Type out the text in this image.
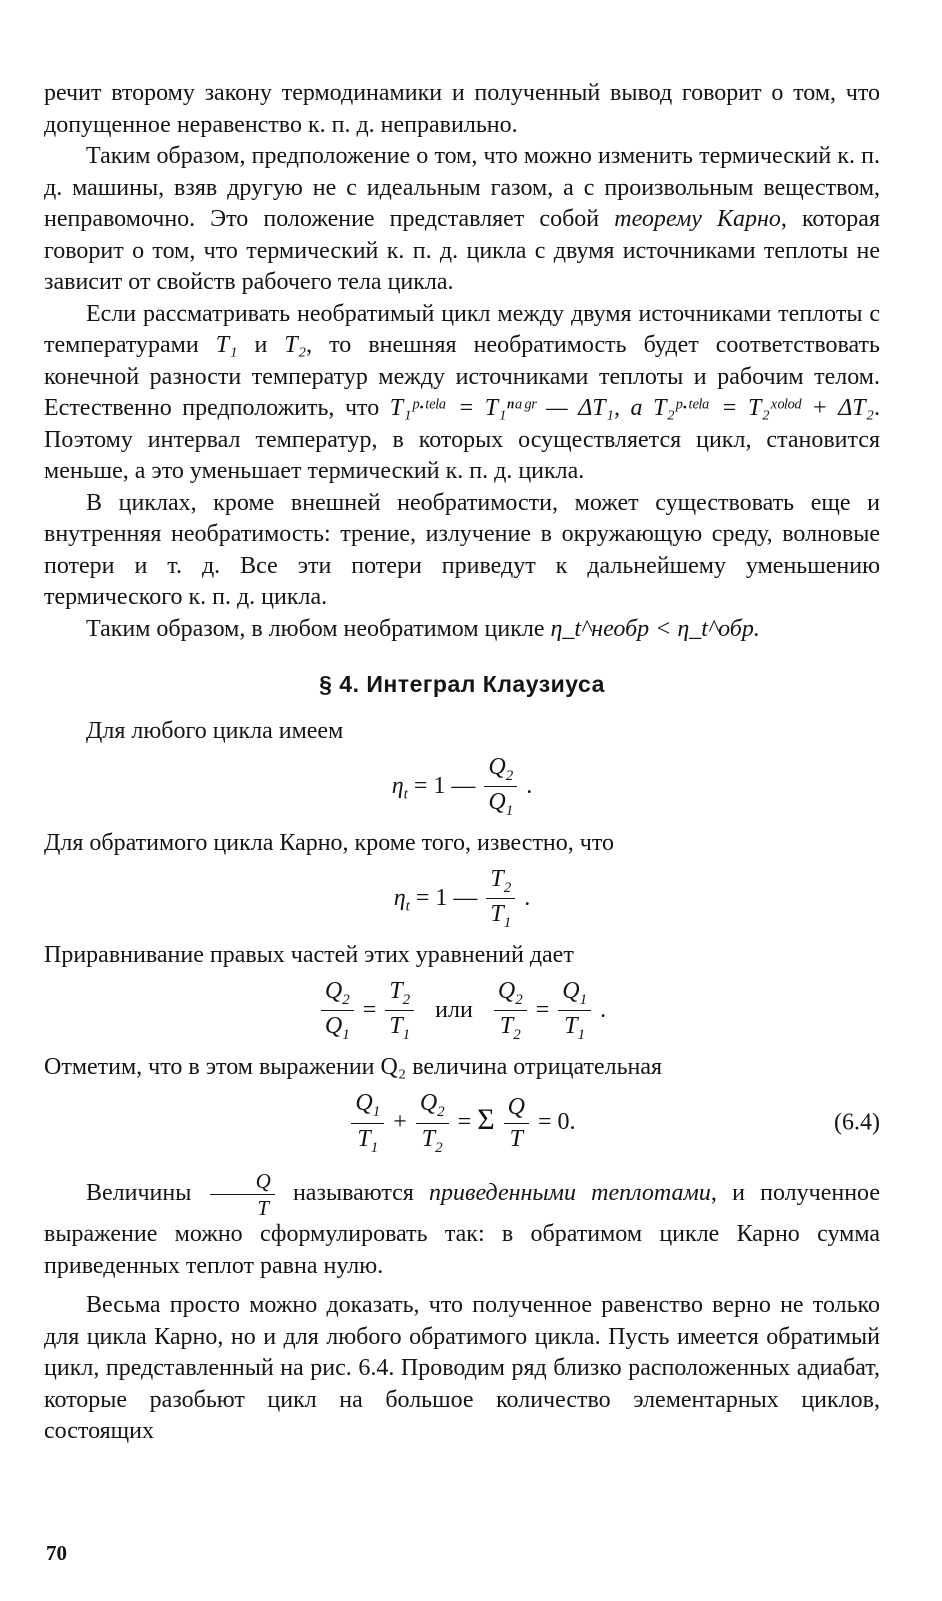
речит второму закону термодинамики и полученный вывод говорит о том, что допущенное неравенство к. п. д. неправильно.

Таким образом, предположение о том, что можно изменить термический к. п. д. машины, взяв другую не с идеальным газом, а с произвольным веществом, неправомочно. Это положение представляет собой теорему Карно, которая говорит о том, что термический к. п. д. цикла с двумя источниками теплоты не зависит от свойств рабочего тела цикла.

Если рассматривать необратимый цикл между двумя источниками теплоты с температурами T₁ и T₂, то внешняя необратимость будет соответствовать конечной разности температур между источниками теплоты и рабочим телом. Естественно предположить, что T₁ᵖ·ᵗᵉˡᵃ = T₁ⁿᵃᵍʳ — ΔT₁, а T₂ᵖ·ᵗᵉˡᵃ = T₂ˣᵒˡᵒᵈ + ΔT₂. Поэтому интервал температур, в которых осуществляется цикл, становится меньше, а это уменьшает термический к. п. д. цикла.

В циклах, кроме внешней необратимости, может существовать еще и внутренняя необратимость: трение, излучение в окружающую среду, волновые потери и т. д. Все эти потери приведут к дальнейшему уменьшению термического к. п. д. цикла.

Таким образом, в любом необратимом цикле η_t^необр < η_t^обр.

§ 4. Интеграл Клаузиуса

Для любого цикла имеем

$\eta_t = 1$ — $\frac{Q_2}{Q_1}$ .

Для обратимого цикла Карно, кроме того, известно, что

$\eta_t = 1$ — $\frac{T_2}{T_1}$ .

Приравнивание правых частей этих уравнений дает

$\frac{Q_2}{Q_1} = \frac{T_2}{T_1}$ или $\frac{Q_2}{T_2} = \frac{Q_1}{T_1}$ .

Отметим, что в этом выражении Q₂ величина отрицательная

$\frac{Q_1}{T_1} + \frac{Q_2}{T_2} = \Sigma \frac{Q}{T} = 0$.	(6.4)

Величины $\frac{Q}{T}$ называются приведенными теплотами, и полученное выражение можно сформулировать так: в обратимом цикле Карно сумма приведенных теплот равна нулю.

Весьма просто можно доказать, что полученное равенство верно не только для цикла Карно, но и для любого обратимого цикла. Пусть имеется обратимый цикл, представленный на рис. 6.4. Проводим ряд близко расположенных адиабат, которые разобьют цикл на большое количество элементарных циклов, состоящих

70
